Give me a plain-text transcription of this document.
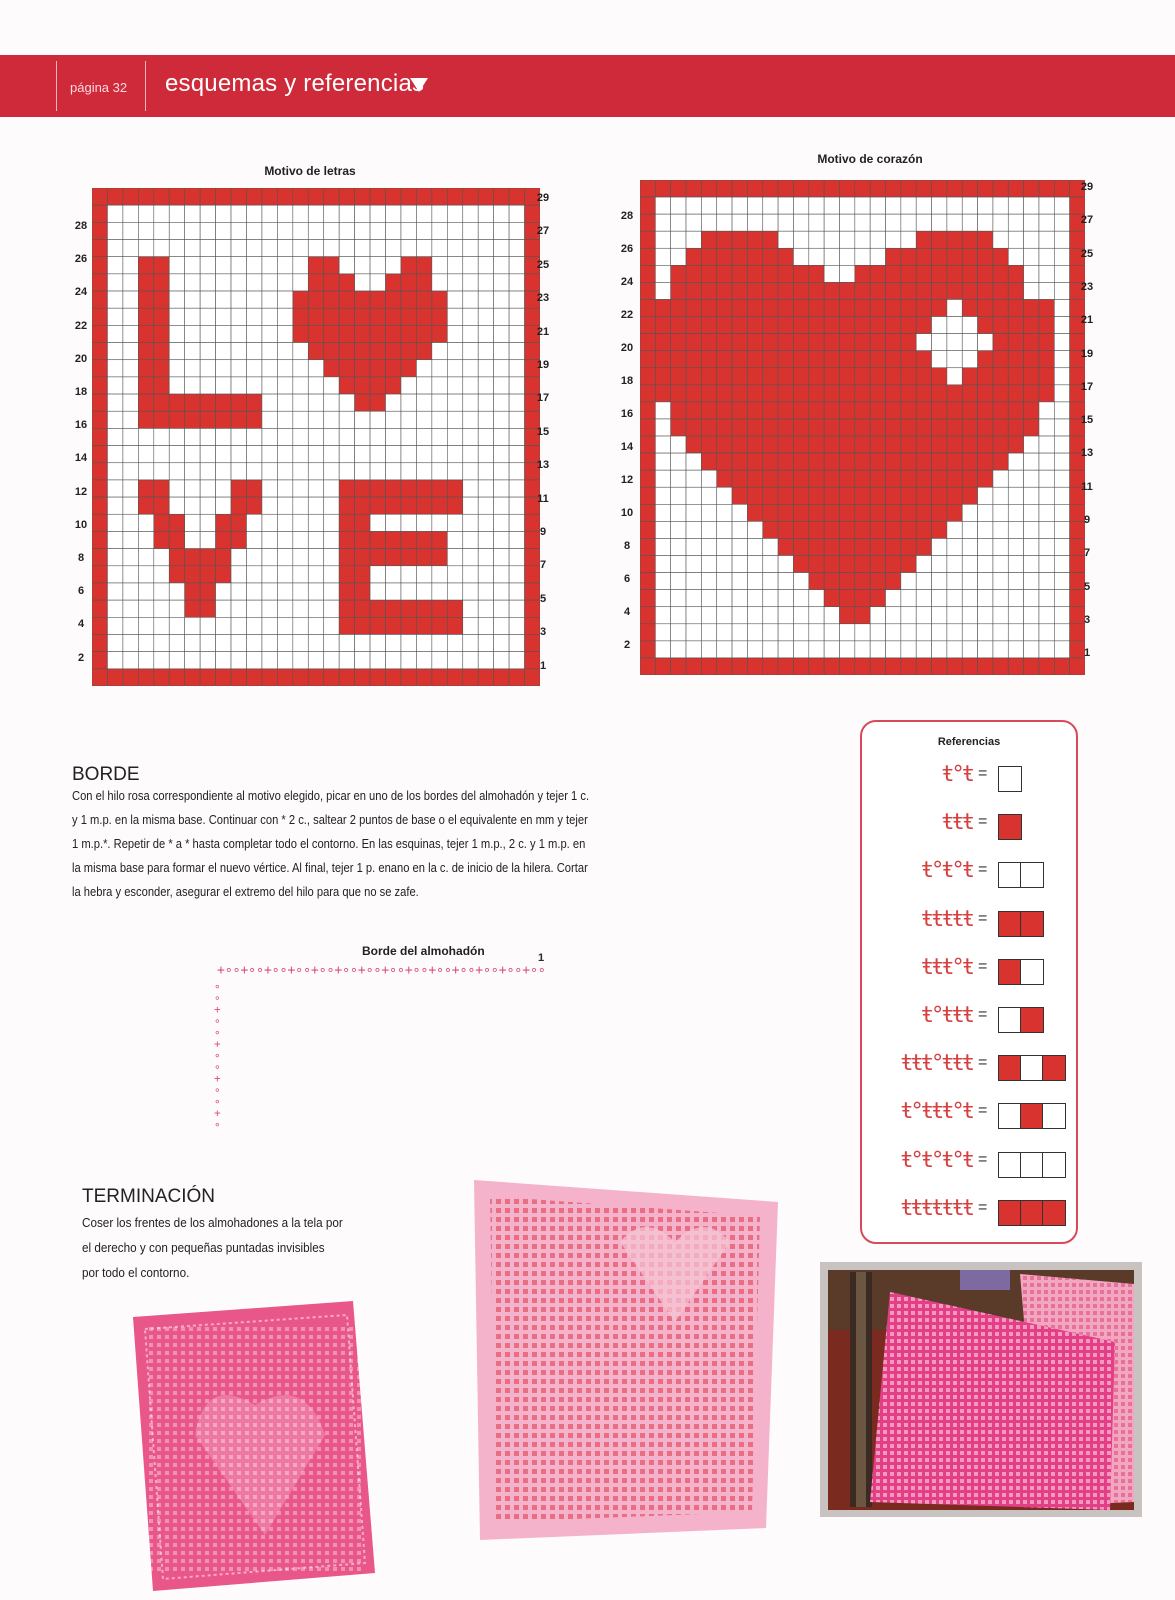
página 32 esquemas y referencias
Motivo de letras
28
26
24
22
20
18
16
14
12
10
8
6
4
2
29
27
25
23
21
19
17
15
13
11
9
7
5
3
1
Motivo de corazón
28
26
24
22
20
18
16
14
12
10
8
6
4
2
29
27
25
23
21
19
17
15
13
11
9
7
5
3
1
BORDE
Con el hilo rosa correspondiente al motivo elegido, picar en uno de los bordes del almohadón y tejer 1 c.
y 1 m.p. en la misma base. Continuar con * 2 c., saltear 2 puntos de base o el equivalente en mm y tejer
1 m.p.*. Repetir de * a * hasta completar todo el contorno. En las esquinas, tejer 1 m.p., 2 c. y 1 m.p. en
la misma base para formar el nuevo vértice. Al final, tejer 1 p. enano en la c. de inicio de la hilera. Cortar
la hebra y esconder, asegurar el extremo del hilo para que no se zafe.
Borde del almohadón	1
+∘∘+∘∘+∘∘+∘∘+∘∘+∘∘+∘∘+∘∘+∘∘+∘∘+∘∘+∘∘+∘∘+∘∘
∘
∘
+
∘
∘
+
∘
∘
+
∘
∘
+
∘
Referencias
ŧ°ŧ =
ŧŧŧ =
ŧ°ŧ°ŧ =
ŧŧŧŧŧ =
ŧŧŧ°ŧ =
ŧ°ŧŧŧ =
ŧŧŧ°ŧŧŧ =
ŧ°ŧŧŧ°ŧ =
ŧ°ŧ°ŧ°ŧ =
ŧŧŧŧŧŧŧ =
TERMINACIÓN
Coser los frentes de los almohadones a la tela por
el derecho y con pequeñas puntadas invisibles
por todo el contorno.
